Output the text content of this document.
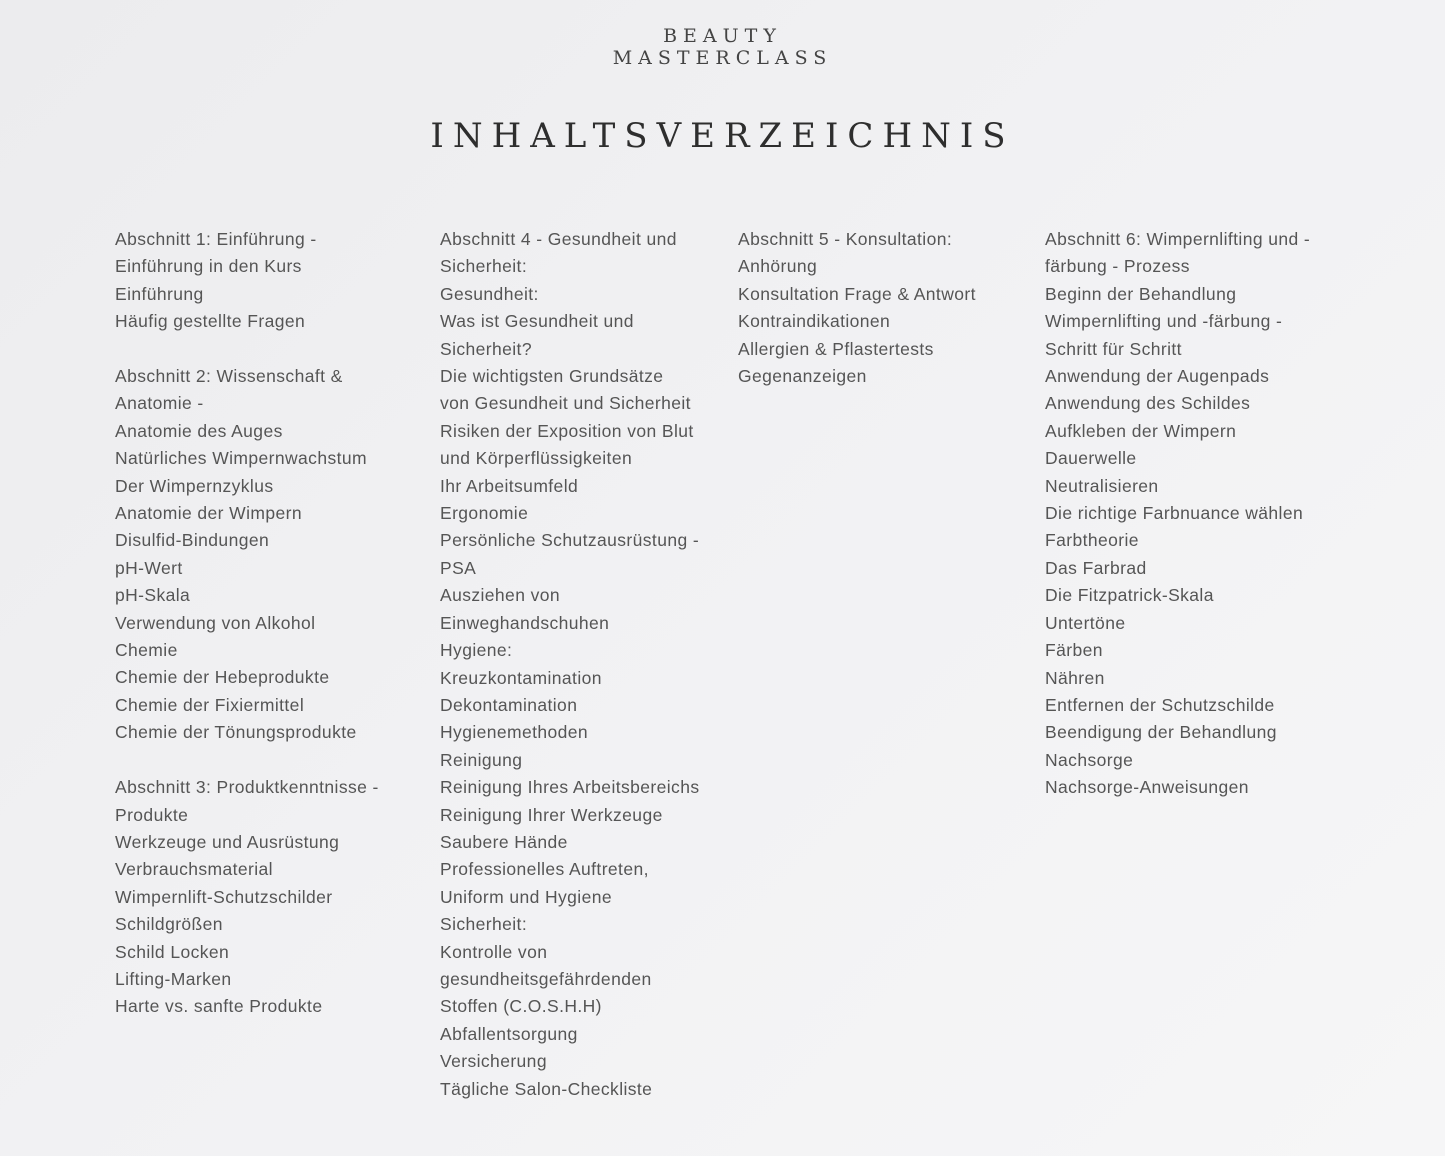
BEAUTY
MASTERCLASS
INHALTSVERZEICHNIS
Abschnitt 1: Einführung -
Einführung in den Kurs
Einführung
Häufig gestellte Fragen
Abschnitt 2: Wissenschaft &
Anatomie -
Anatomie des Auges
Natürliches Wimpernwachstum
Der Wimpernzyklus
Anatomie der Wimpern
Disulfid-Bindungen
pH-Wert
pH-Skala
Verwendung von Alkohol
Chemie
Chemie der Hebeprodukte
Chemie der Fixiermittel
Chemie der Tönungsprodukte
Abschnitt 3: Produktkenntnisse -
Produkte
Werkzeuge und Ausrüstung
Verbrauchsmaterial
Wimpernlift-Schutzschilder
Schildgrößen
Schild Locken
Lifting-Marken
Harte vs. sanfte Produkte
Abschnitt 4 - Gesundheit und
Sicherheit:
Gesundheit:
Was ist Gesundheit und
Sicherheit?
Die wichtigsten Grundsätze
von Gesundheit und Sicherheit
Risiken der Exposition von Blut
und Körperflüssigkeiten
Ihr Arbeitsumfeld
Ergonomie
Persönliche Schutzausrüstung -
PSA
Ausziehen von
Einweghandschuhen
Hygiene:
Kreuzkontamination
Dekontamination
Hygienemethoden
Reinigung
Reinigung Ihres Arbeitsbereichs
Reinigung Ihrer Werkzeuge
Saubere Hände
Professionelles Auftreten,
Uniform und Hygiene
Sicherheit:
Kontrolle von
gesundheitsgefährdenden
Stoffen (C.O.S.H.H)
Abfallentsorgung
Versicherung
Tägliche Salon-Checkliste
Abschnitt 5 - Konsultation:
Anhörung
Konsultation Frage & Antwort
Kontraindikationen
Allergien & Pflastertests
Gegenanzeigen
Abschnitt 6: Wimpernlifting und -
färbung - Prozess
Beginn der Behandlung
Wimpernlifting und -färbung -
Schritt für Schritt
Anwendung der Augenpads
Anwendung des Schildes
Aufkleben der Wimpern
Dauerwelle
Neutralisieren
Die richtige Farbnuance wählen
Farbtheorie
Das Farbrad
Die Fitzpatrick-Skala
Untertöne
Färben
Nähren
Entfernen der Schutzschilde
Beendigung der Behandlung
Nachsorge
Nachsorge-Anweisungen
